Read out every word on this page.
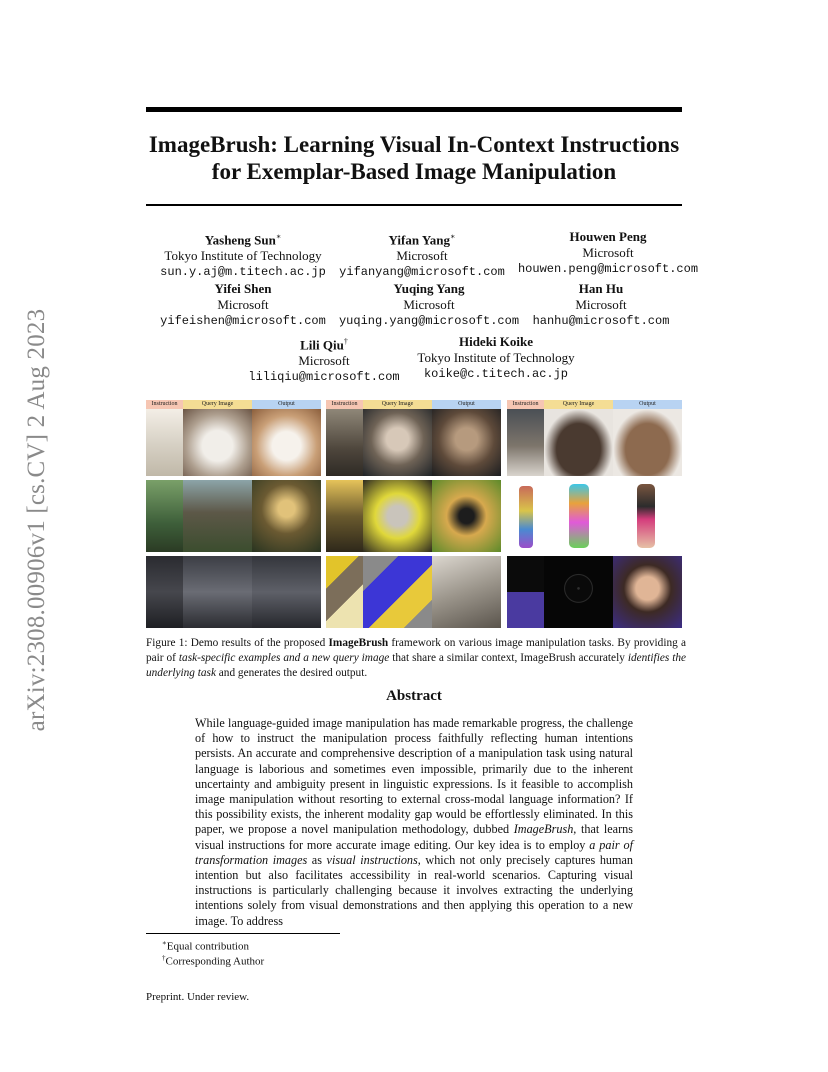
arXiv:2308.00906v1 [cs.CV] 2 Aug 2023
ImageBrush: Learning Visual In-Context Instructions
for Exemplar-Based Image Manipulation
Yasheng Sun∗
Tokyo Institute of Technology
sun.y.aj@m.titech.ac.jp
Yifan Yang∗
Microsoft
yifanyang@microsoft.com
Houwen Peng
Microsoft
houwen.peng@microsoft.com
Yifei Shen
Microsoft
yifeishen@microsoft.com
Yuqing Yang
Microsoft
yuqing.yang@microsoft.com
Han Hu
Microsoft
hanhu@microsoft.com
Lili Qiu†
Microsoft
liliqiu@microsoft.com
Hideki Koike
Tokyo Institute of Technology
koike@c.titech.ac.jp
Instruction	Query Image	Output	Instruction	Query Image	Output	Instruction	Query Image	Output
Figure 1: Demo results of the proposed ImageBrush framework on various image manipulation tasks. By providing a pair of task-specific examples and a new query image that share a similar context, ImageBrush accurately identifies the underlying task and generates the desired output.
Abstract
While language-guided image manipulation has made remarkable progress, the challenge of how to instruct the manipulation process faithfully reflecting human intentions persists. An accurate and comprehensive description of a manipulation task using natural language is laborious and sometimes even impossible, primarily due to the inherent uncertainty and ambiguity present in linguistic expressions. Is it feasible to accomplish image manipulation without resorting to external cross-modal language information? If this possibility exists, the inherent modality gap would be effortlessly eliminated. In this paper, we propose a novel manipulation methodology, dubbed ImageBrush, that learns visual instructions for more accurate image editing. Our key idea is to employ a pair of transformation images as visual instructions, which not only precisely captures human intention but also facilitates accessibility in real-world scenarios. Capturing visual instructions is particularly challenging because it involves extracting the underlying intentions solely from visual demonstrations and then applying this operation to a new image. To address
∗Equal contribution
†Corresponding Author
Preprint. Under review.
